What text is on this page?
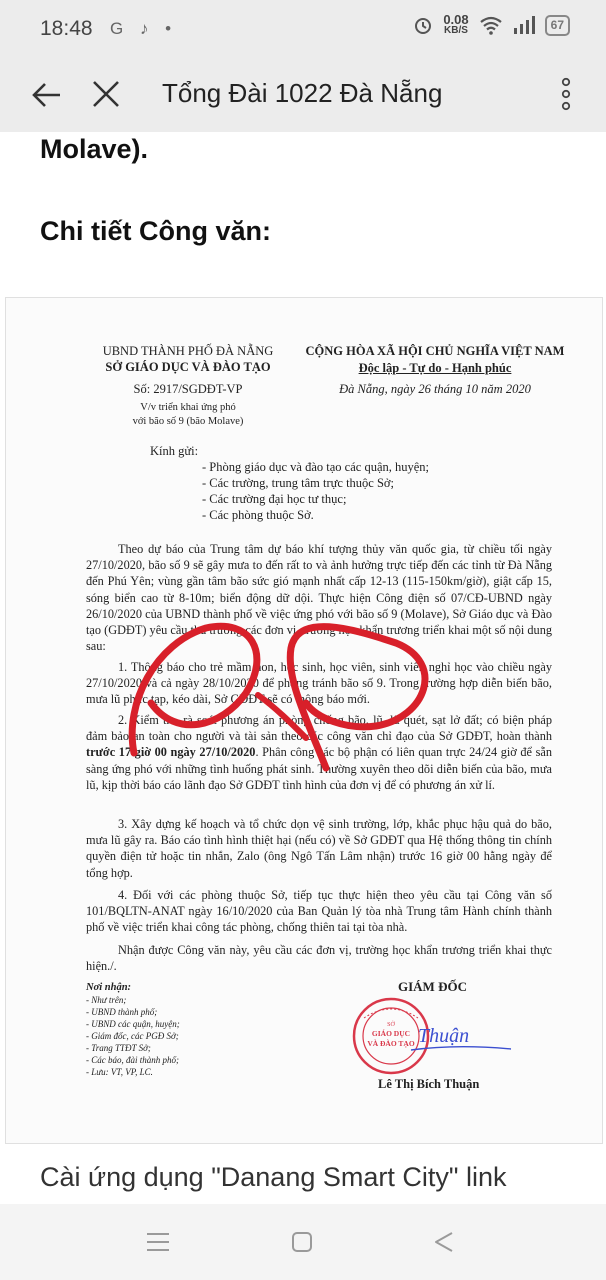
18:48 G ♪ •	0.08
KB/S	67
Tổng Đài 1022 Đà Nẵng
Molave).
Chi tiết Công văn:
UBND THÀNH PHỐ ĐÀ NẴNG
SỞ GIÁO DỤC VÀ ĐÀO TẠO
Số: 2917/SGDĐT-VP
V/v triển khai ứng phó
với bão số 9 (bão Molave)
CỘNG HÒA XÃ HỘI CHỦ NGHĨA VIỆT NAM
Độc lập - Tự do - Hạnh phúc
Đà Nẵng, ngày 26 tháng 10 năm 2020
Kính gửi:
- Phòng giáo dục và đào tạo các quận, huyện;
- Các trường, trung tâm trực thuộc Sở;
- Các trường đại học tư thục;
- Các phòng thuộc Sở.
Theo dự báo của Trung tâm dự báo khí tượng thủy văn quốc gia, từ chiều tối ngày 27/10/2020, bão số 9 sẽ gây mưa to đến rất to và ảnh hưởng trực tiếp đến các tỉnh từ Đà Nẵng đến Phú Yên; vùng gần tâm bão sức gió mạnh nhất cấp 12-13 (115-150km/giờ), giật cấp 15, sóng biển cao từ 8-10m; biển động dữ dội. Thực hiện Công điện số 07/CĐ-UBND ngày 26/10/2020 của UBND thành phố về việc ứng phó với bão số 9 (Molave), Sở Giáo dục và Đào tạo (GDĐT) yêu cầu thủ trưởng các đơn vị, trường học khẩn trương triển khai một số nội dung sau:
1. Thông báo cho trẻ mầm non, học sinh, học viên, sinh viên nghỉ học vào chiều ngày 27/10/2020 và cả ngày 28/10/2020 để phòng tránh bão số 9. Trong trường hợp diễn biến bão, mưa lũ phức tạp, kéo dài, Sở GDĐT sẽ có thông báo mới.
2. Kiểm tra, rà soát phương án phòng chống bão, lũ, lũ quét, sạt lở đất; có biện pháp đảm bảo an toàn cho người và tài sản theo các công văn chỉ đạo của Sở GDĐT, hoàn thành trước 17 giờ 00 ngày 27/10/2020. Phân công các bộ phận có liên quan trực 24/24 giờ để sẵn sàng ứng phó với những tình huống phát sinh. Thường xuyên theo dõi diễn biến của bão, mưa lũ, kịp thời báo cáo lãnh đạo Sở GDĐT tình hình của đơn vị để có phương án xử lí.
3. Xây dựng kế hoạch và tổ chức dọn vệ sinh trường, lớp, khắc phục hậu quả do bão, mưa lũ gây ra. Báo cáo tình hình thiệt hại (nếu có) về Sở GDĐT qua Hệ thống thông tin chính quyền điện tử hoặc tin nhắn, Zalo (ông Ngô Tấn Lâm nhận) trước 16 giờ 00 hằng ngày để tổng hợp.
4. Đối với các phòng thuộc Sở, tiếp tục thực hiện theo yêu cầu tại Công văn số 101/BQLTN-ANAT ngày 16/10/2020 của Ban Quản lý tòa nhà Trung tâm Hành chính thành phố về việc triển khai công tác phòng, chống thiên tai tại tòa nhà.
Nhận được Công văn này, yêu cầu các đơn vị, trường học khẩn trương triển khai thực hiện./.
Nơi nhận:
- Như trên;
- UBND thành phố;
- UBND các quận, huyện;
- Giám đốc, các PGĐ Sở;
- Trang TTĐT Sở;
- Các báo, đài thành phố;
- Lưu: VT, VP, LC.
GIÁM ĐỐC
SỞ
GIÁO DỤC
VÀ ĐÀO TẠO Thuận
Lê Thị Bích Thuận
Cài ứng dụng "Danang Smart City" link
